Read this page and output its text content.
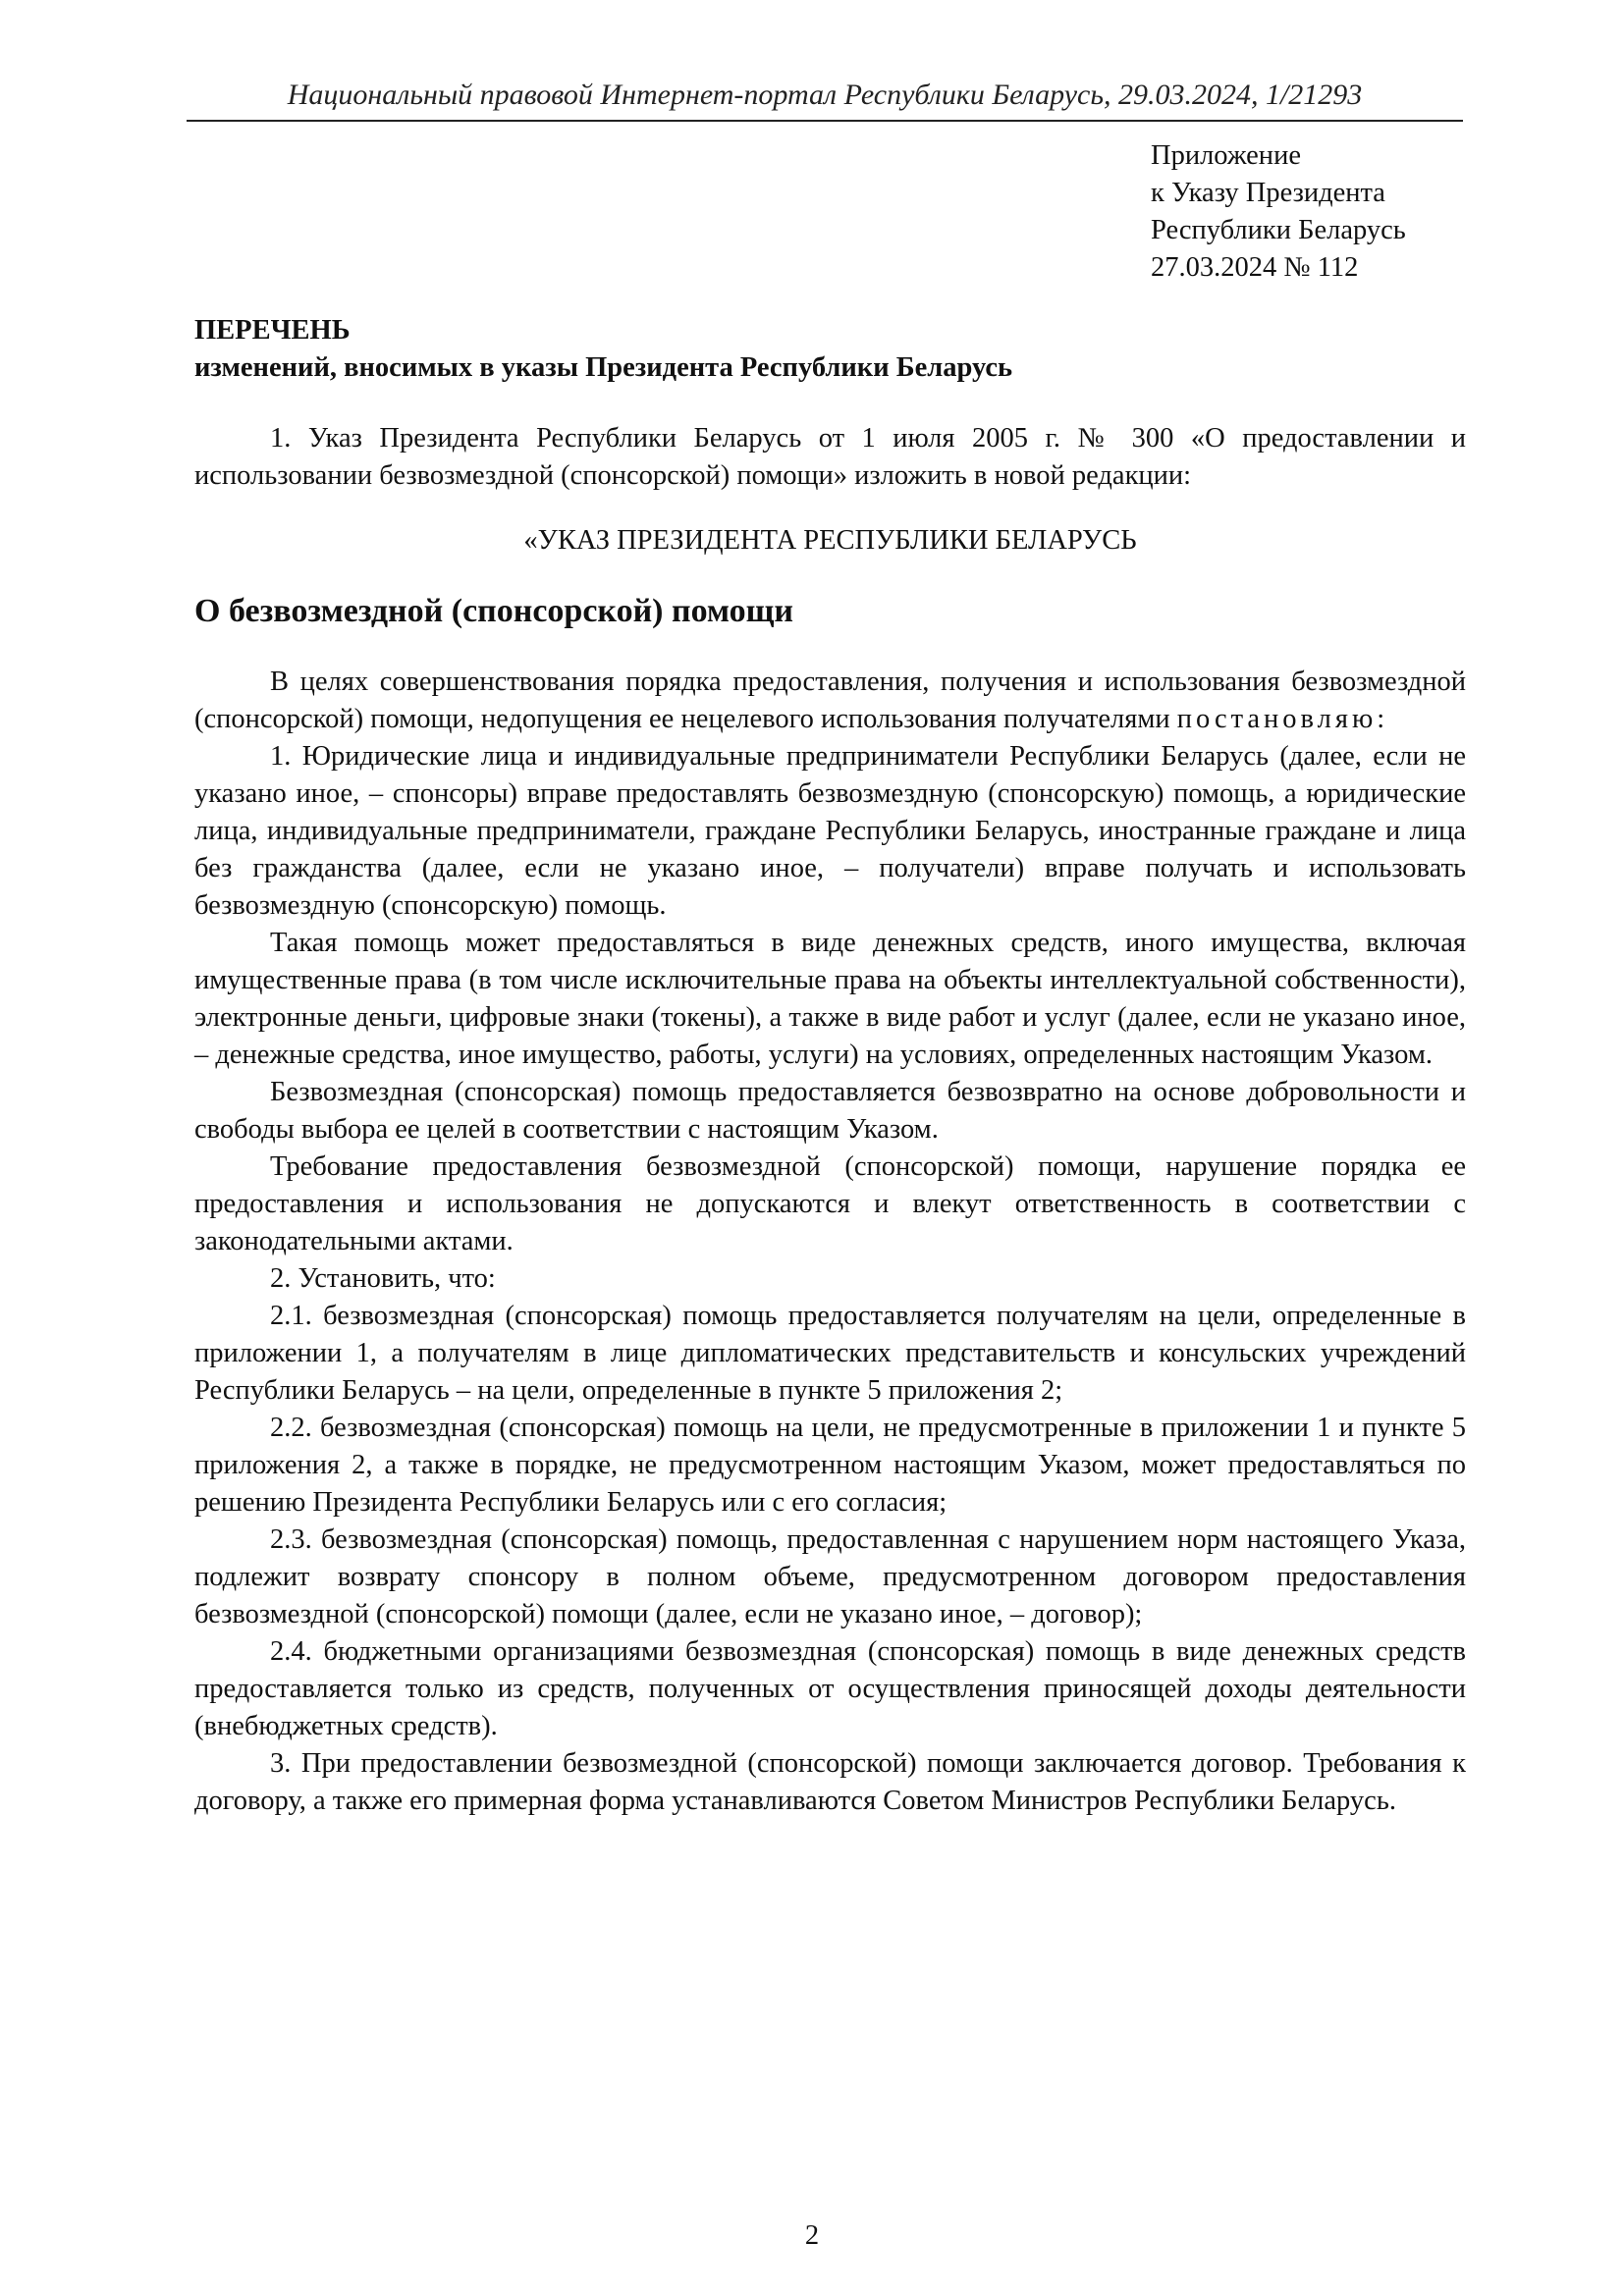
Национальный правовой Интернет-портал Республики Беларусь, 29.03.2024, 1/21293
Приложение
к Указу Президента
Республики Беларусь
27.03.2024 № 112
ПЕРЕЧЕНЬ
изменений, вносимых в указы Президента Республики Беларусь

1. Указ Президента Республики Беларусь от 1 июля 2005 г. № 300 «О предоставлении и использовании безвозмездной (спонсорской) помощи» изложить в новой редакции:

«УКАЗ ПРЕЗИДЕНТА РЕСПУБЛИКИ БЕЛАРУСЬ

О безвозмездной (спонсорской) помощи

В целях совершенствования порядка предоставления, получения и использования безвозмездной (спонсорской) помощи, недопущения ее нецелевого использования получателями постановляю:

1. Юридические лица и индивидуальные предприниматели Республики Беларусь (далее, если не указано иное, – спонсоры) вправе предоставлять безвозмездную (спонсорскую) помощь, а юридические лица, индивидуальные предприниматели, граждане Республики Беларусь, иностранные граждане и лица без гражданства (далее, если не указано иное, – получатели) вправе получать и использовать безвозмездную (спонсорскую) помощь.

Такая помощь может предоставляться в виде денежных средств, иного имущества, включая имущественные права (в том числе исключительные права на объекты интеллектуальной собственности), электронные деньги, цифровые знаки (токены), а также в виде работ и услуг (далее, если не указано иное, – денежные средства, иное имущество, работы, услуги) на условиях, определенных настоящим Указом.

Безвозмездная (спонсорская) помощь предоставляется безвозвратно на основе добровольности и свободы выбора ее целей в соответствии с настоящим Указом.

Требование предоставления безвозмездной (спонсорской) помощи, нарушение порядка ее предоставления и использования не допускаются и влекут ответственность в соответствии с законодательными актами.

2. Установить, что:

2.1. безвозмездная (спонсорская) помощь предоставляется получателям на цели, определенные в приложении 1, а получателям в лице дипломатических представительств и консульских учреждений Республики Беларусь – на цели, определенные в пункте 5 приложения 2;

2.2. безвозмездная (спонсорская) помощь на цели, не предусмотренные в приложении 1 и пункте 5 приложения 2, а также в порядке, не предусмотренном настоящим Указом, может предоставляться по решению Президента Республики Беларусь или с его согласия;

2.3. безвозмездная (спонсорская) помощь, предоставленная с нарушением норм настоящего Указа, подлежит возврату спонсору в полном объеме, предусмотренном договором предоставления безвозмездной (спонсорской) помощи (далее, если не указано иное, – договор);

2.4. бюджетными организациями безвозмездная (спонсорская) помощь в виде денежных средств предоставляется только из средств, полученных от осуществления приносящей доходы деятельности (внебюджетных средств).

3. При предоставлении безвозмездной (спонсорской) помощи заключается договор. Требования к договору, а также его примерная форма устанавливаются Советом Министров Республики Беларусь.

2
